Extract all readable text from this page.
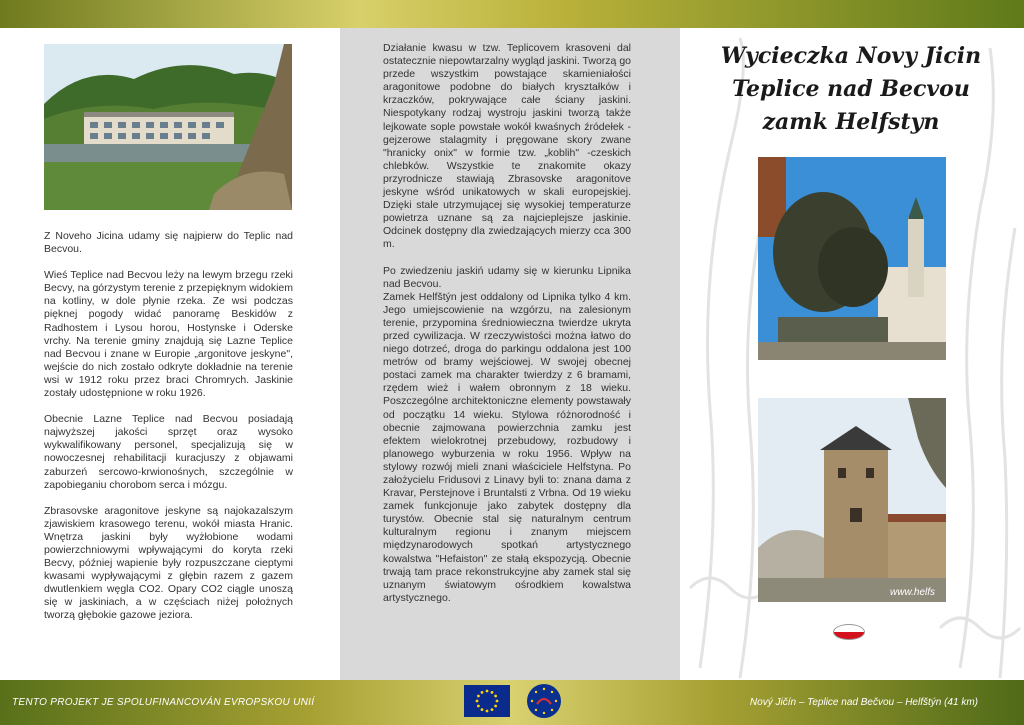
Z Noveho Jicina udamy się najpierw do Teplic nad Becvou.

Wieś Teplice nad Becvou leży na lewym brzegu rzeki Becvy, na górzystym terenie z przepięknym widokiem na kotliny, w dole płynie rzeka. Ze wsi podczas pięknej pogody widać panoramę Beskidów z Radhostem i Lysou horou, Hostynske i Oderske vrchy. Na terenie gminy znajdują się Lazne Teplice nad Becvou i znane w Europie „argonitove jeskyne", wejście do nich zostało odkryte dokładnie na terenie wsi w 1912 roku przez braci Chromrych. Jaskinie zostały udostępnione w roku 1926.

Obecnie Lazne Teplice nad Becvou posiadają najwyższej jakości sprzęt oraz wysoko wykwalifikowany personel, specjalizują się w nowoczesnej rehabilitacji kuracjuszy z objawami zaburzeń sercowo-krwionośnych, szczególnie w zapobieganiu chorobom serca i mózgu.

Zbrasovske aragonitove jeskyne są najokazalszym zjawiskiem krasowego terenu, wokół miasta Hranic. Wnętrza jaskini były wyżłobione wodami powierzchniowymi wpływającymi do koryta rzeki Becvy, później wapienie były rozpuszczane cieptymi kwasami wypływającymi z głębin razem z gazem dwutlenkiem węgla CO2. Opary CO2 ciągle unoszą się w jaskiniach, a w częściach niżej położnych tworzą głębokie gazowe jeziora.

Działanie kwasu w tzw. Teplicovem krasoveni dal ostatecznie niepowtarzalny wygląd jaskini. Tworzą go przede wszystkim powstające skamieniałości aragonitowe podobne do białych kryształków i krzaczków, pokrywające całe ściany jaskini. Niespotykany rodzaj wystroju jaskini tworzą także lejkowate sople powstałe wokół kwaśnych źródełek -gejzerowe stalagmity i pręgowane skory zwane "hranicky onix" w formie tzw. „koblih" -czeskich chlebków. Wszystkie te znakomite okazy przyrodnicze stawiają Zbrasovske aragonitove jeskyne wśród unikatowych w skali europejskiej. Dzięki stale utrzymującej się wysokiej temperaturze powietrza uznane są za najcieplejsze jaskinie. Odcinek dostępny dla zwiedzających mierzy cca 300 m.

Po zwiedzeniu jaskiń udamy się w kierunku Lipnika nad Becvou.
Zamek Helfštýn jest oddalony od Lipnika tylko 4 km. Jego umiejscowienie na wzgórzu, na zalesionym terenie, przypomina średniowieczna twierdze ukryta przed cywilizacja. W rzeczywistości można łatwo do niego dotrzeć, droga do parkingu oddalona jest 100 metrów od bramy wejściowej. W swojej obecnej postaci zamek ma charakter twierdzy z 6 bramami, rzędem wież i wałem obronnym z 18 wieku. Poszczególne architektoniczne elementy powstawały od początku 14 wieku. Stylowa różnorodność i obecnie zajmowana powierzchnia zamku jest efektem wielokrotnej przebudowy, rozbudowy i planowego wyburzenia w roku 1956. Wpływ na stylowy rozwój mieli znani właściciele Helfstyna. Po założycielu Fridusovi z Linavy byli to: znana dama z Kravar, Perstejnove i Bruntalsti z Vrbna. Od 19 wieku zamek funkcjonuje jako zabytek dostępny dla turystów. Obecnie stal się naturalnym centrum kulturalnym regionu i znanym miejscem międzynarodowych spotkań artystycznego kowalstwa "Hefaiston" ze stałą ekspozycją. Obecnie trwają tam prace rekonstrukcyjne aby zamek stal się uznanym światowym ośrodkiem kowalstwa artystycznego.

Wycieczka Novy Jicin
Teplice nad Becvou
zamk Helfstyn
www.helfs
TENTO PROJEKT JE SPOLUFINANCOVÁN EVROPSKOU UNIÍ	Nový Jičín – Teplice nad Bečvou – Helfštýn (41 km)
